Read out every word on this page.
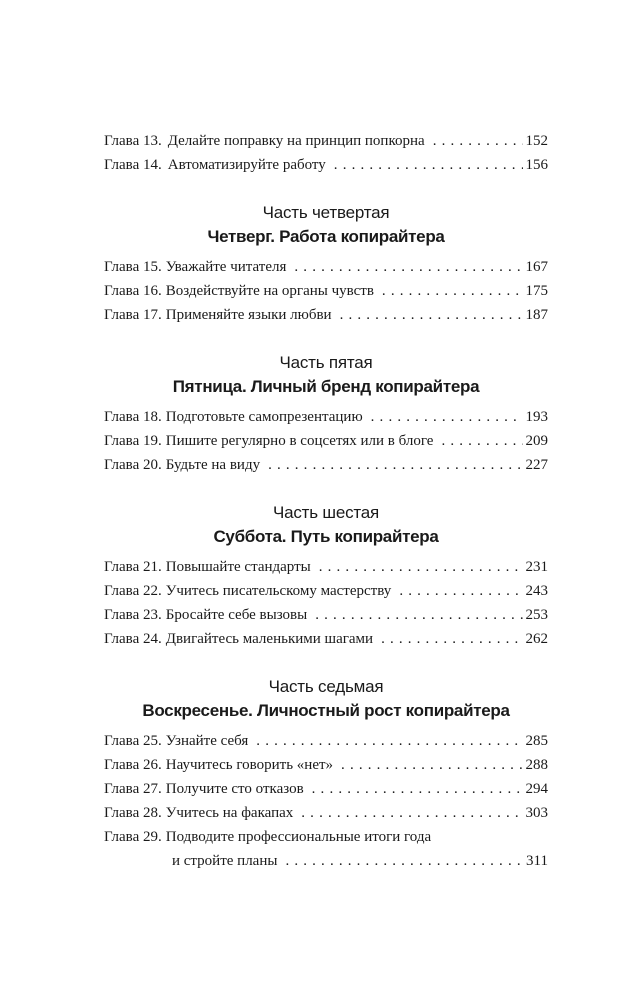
Глава 13. Делайте поправку на принцип попкорна . . .	152
Глава 14. Автоматизируйте работу . . .	156
Часть четвертая
Четверг. Работа копирайтера
Глава 15. Уважайте читателя . . .	167
Глава 16. Воздействуйте на органы чувств . . .	175
Глава 17. Применяйте языки любви . . .	187
Часть пятая
Пятница. Личный бренд копирайтера
Глава 18. Подготовьте самопрезентацию . . .	193
Глава 19. Пишите регулярно в соцсетях или в блоге . . .	209
Глава 20. Будьте на виду . . .	227
Часть шестая
Суббота. Путь копирайтера
Глава 21. Повышайте стандарты . . .	231
Глава 22. Учитесь писательскому мастерству . . .	243
Глава 23. Бросайте себе вызовы . . .	253
Глава 24. Двигайтесь маленькими шагами . . .	262
Часть седьмая
Воскресенье. Личностный рост копирайтера
Глава 25. Узнайте себя . . .	285
Глава 26. Научитесь говорить «нет» . . .	288
Глава 27. Получите сто отказов . . .	294
Глава 28. Учитесь на факапах . . .	303
Глава 29. Подводите профессиональные итоги года
и стройте планы . . .	311
